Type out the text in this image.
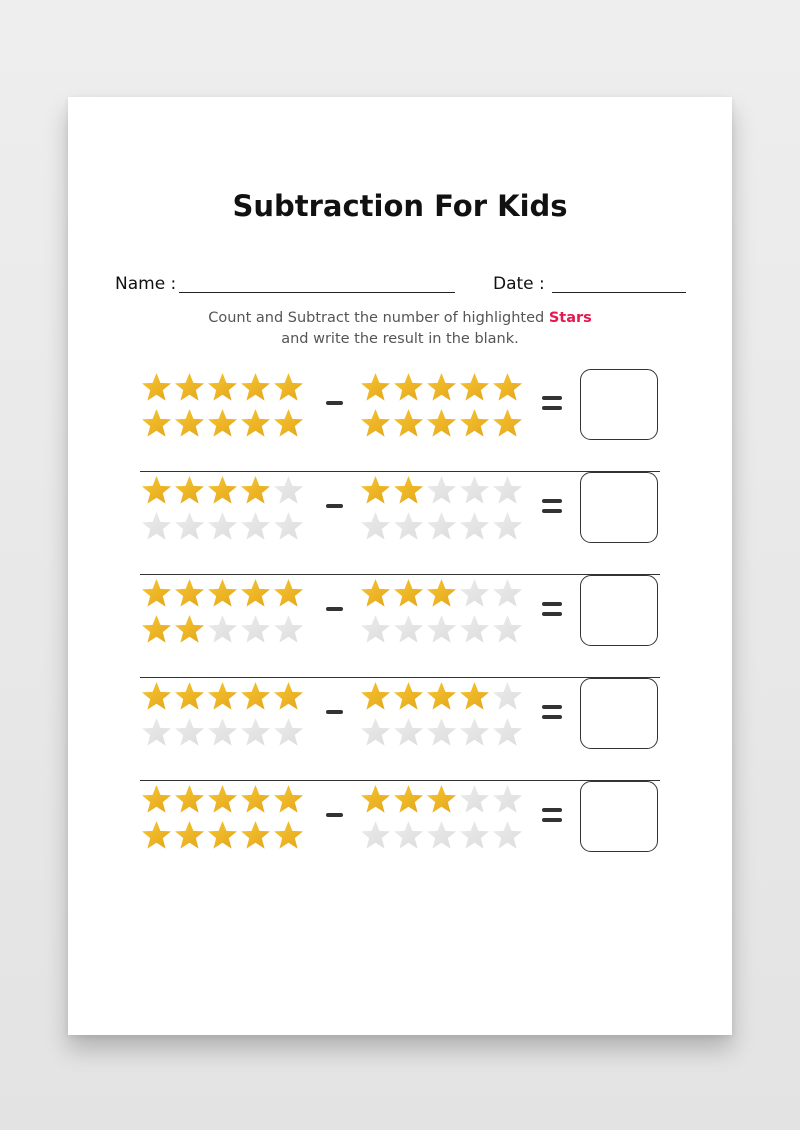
Subtraction For Kids
Name :	Date :
Count and Subtract the number of highlighted Stars
and write the result in the blank.
